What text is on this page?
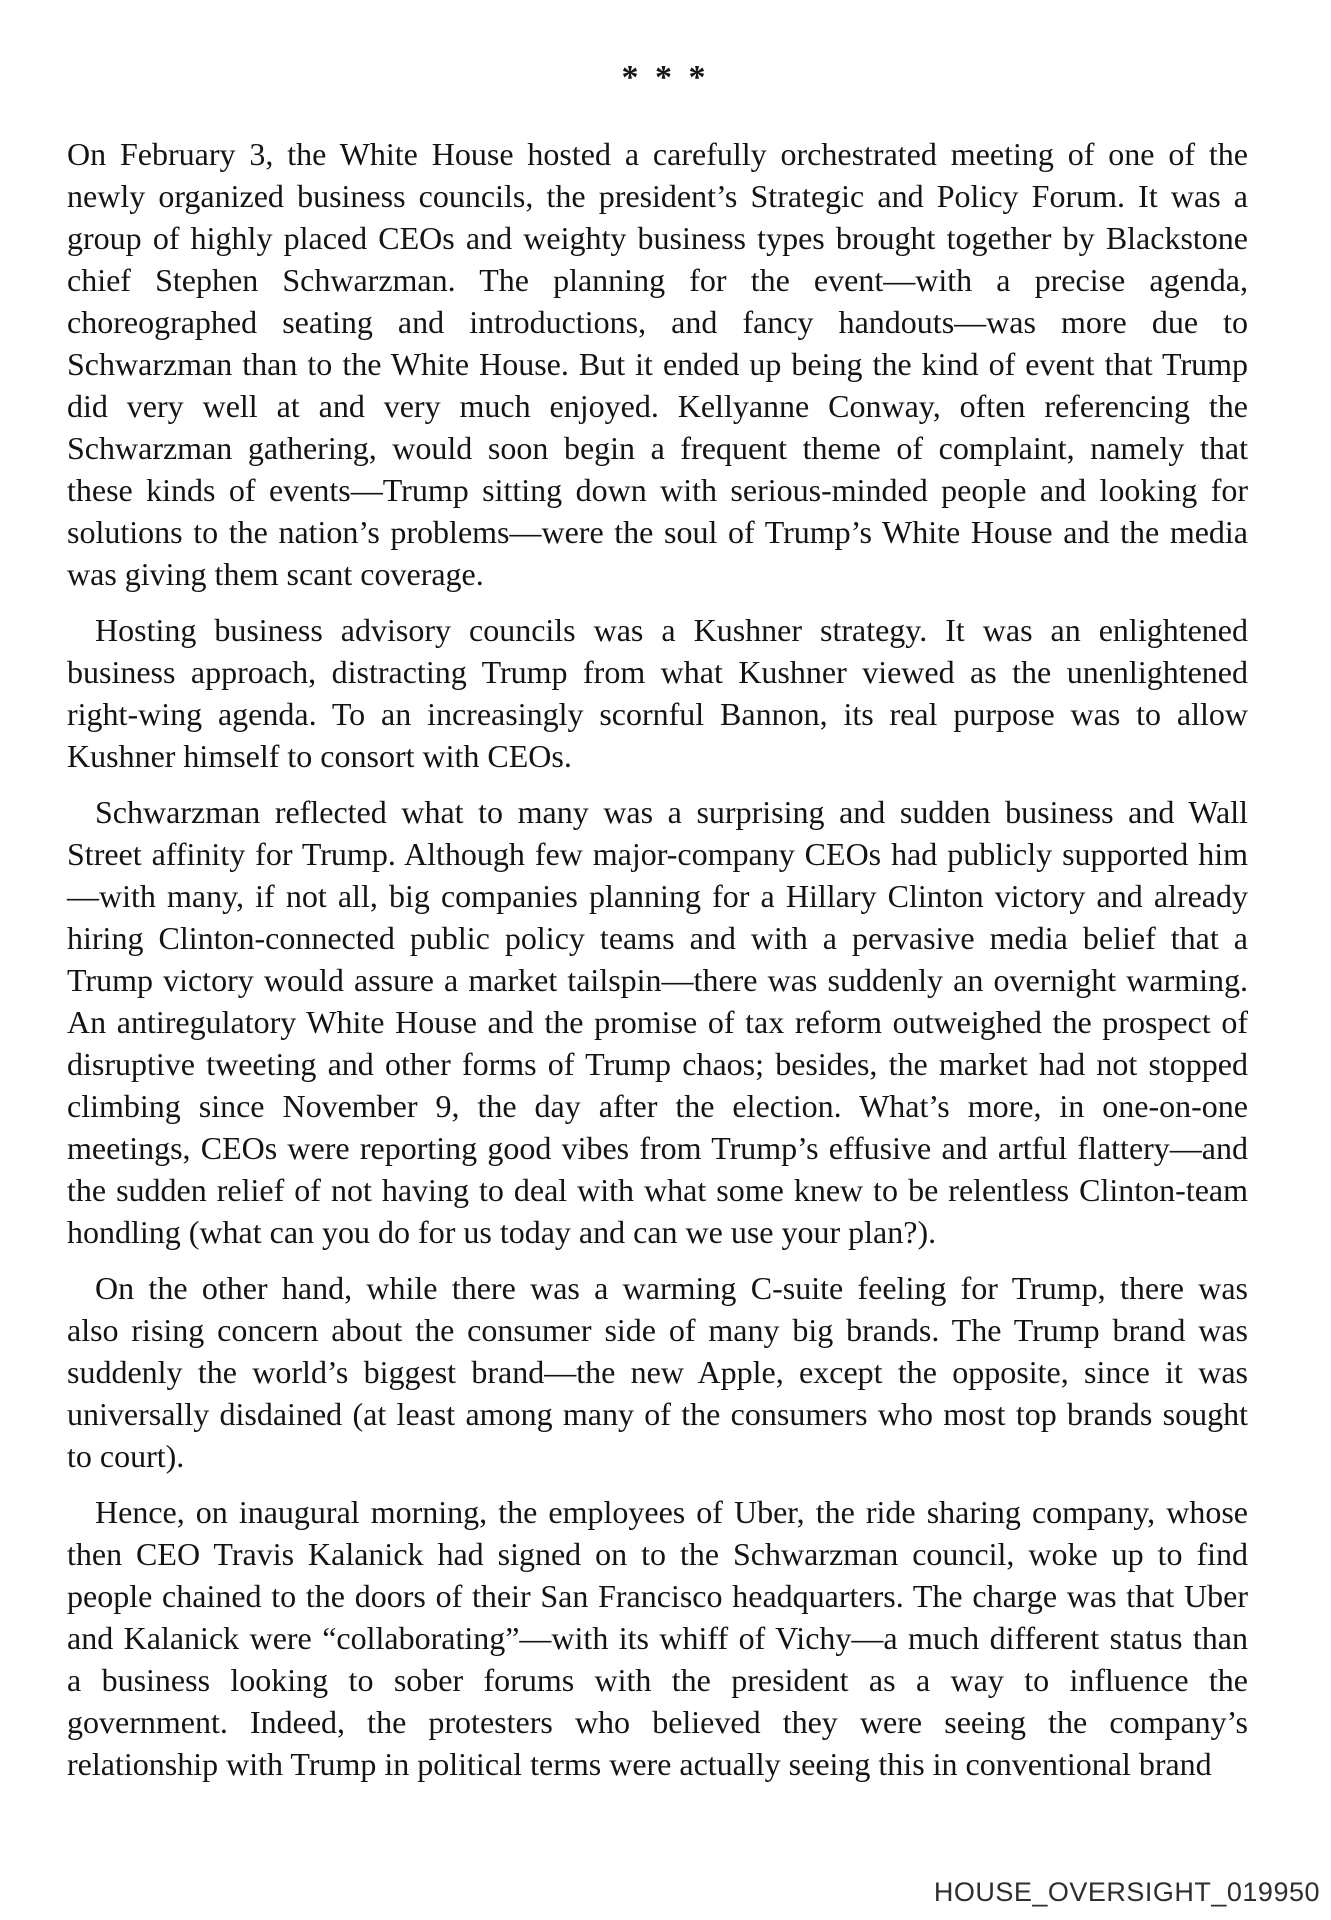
* * *
On February 3, the White House hosted a carefully orchestrated meeting of one of the
newly organized business councils, the president’s Strategic and Policy Forum. It was a
group of highly placed CEOs and weighty business types brought together by Blackstone
chief Stephen Schwarzman. The planning for the event—with a precise agenda,
choreographed seating and introductions, and fancy handouts—was more due to
Schwarzman than to the White House. But it ended up being the kind of event that Trump
did very well at and very much enjoyed. Kellyanne Conway, often referencing the
Schwarzman gathering, would soon begin a frequent theme of complaint, namely that
these kinds of events—Trump sitting down with serious-minded people and looking for
solutions to the nation’s problems—were the soul of Trump’s White House and the media
was giving them scant coverage.
Hosting business advisory councils was a Kushner strategy. It was an enlightened
business approach, distracting Trump from what Kushner viewed as the unenlightened
right-wing agenda. To an increasingly scornful Bannon, its real purpose was to allow
Kushner himself to consort with CEOs.
Schwarzman reflected what to many was a surprising and sudden business and Wall
Street affinity for Trump. Although few major-company CEOs had publicly supported him
—with many, if not all, big companies planning for a Hillary Clinton victory and already
hiring Clinton-connected public policy teams and with a pervasive media belief that a
Trump victory would assure a market tailspin—there was suddenly an overnight warming.
An antiregulatory White House and the promise of tax reform outweighed the prospect of
disruptive tweeting and other forms of Trump chaos; besides, the market had not stopped
climbing since November 9, the day after the election. What’s more, in one-on-one
meetings, CEOs were reporting good vibes from Trump’s effusive and artful flattery—and
the sudden relief of not having to deal with what some knew to be relentless Clinton-team
hondling (what can you do for us today and can we use your plan?).
On the other hand, while there was a warming C-suite feeling for Trump, there was
also rising concern about the consumer side of many big brands. The Trump brand was
suddenly the world’s biggest brand—the new Apple, except the opposite, since it was
universally disdained (at least among many of the consumers who most top brands sought
to court).
Hence, on inaugural morning, the employees of Uber, the ride sharing company, whose
then CEO Travis Kalanick had signed on to the Schwarzman council, woke up to find
people chained to the doors of their San Francisco headquarters. The charge was that Uber
and Kalanick were “collaborating”—with its whiff of Vichy—a much different status than
a business looking to sober forums with the president as a way to influence the
government. Indeed, the protesters who believed they were seeing the company’s
relationship with Trump in political terms were actually seeing this in conventional brand
HOUSE_OVERSIGHT_019950
